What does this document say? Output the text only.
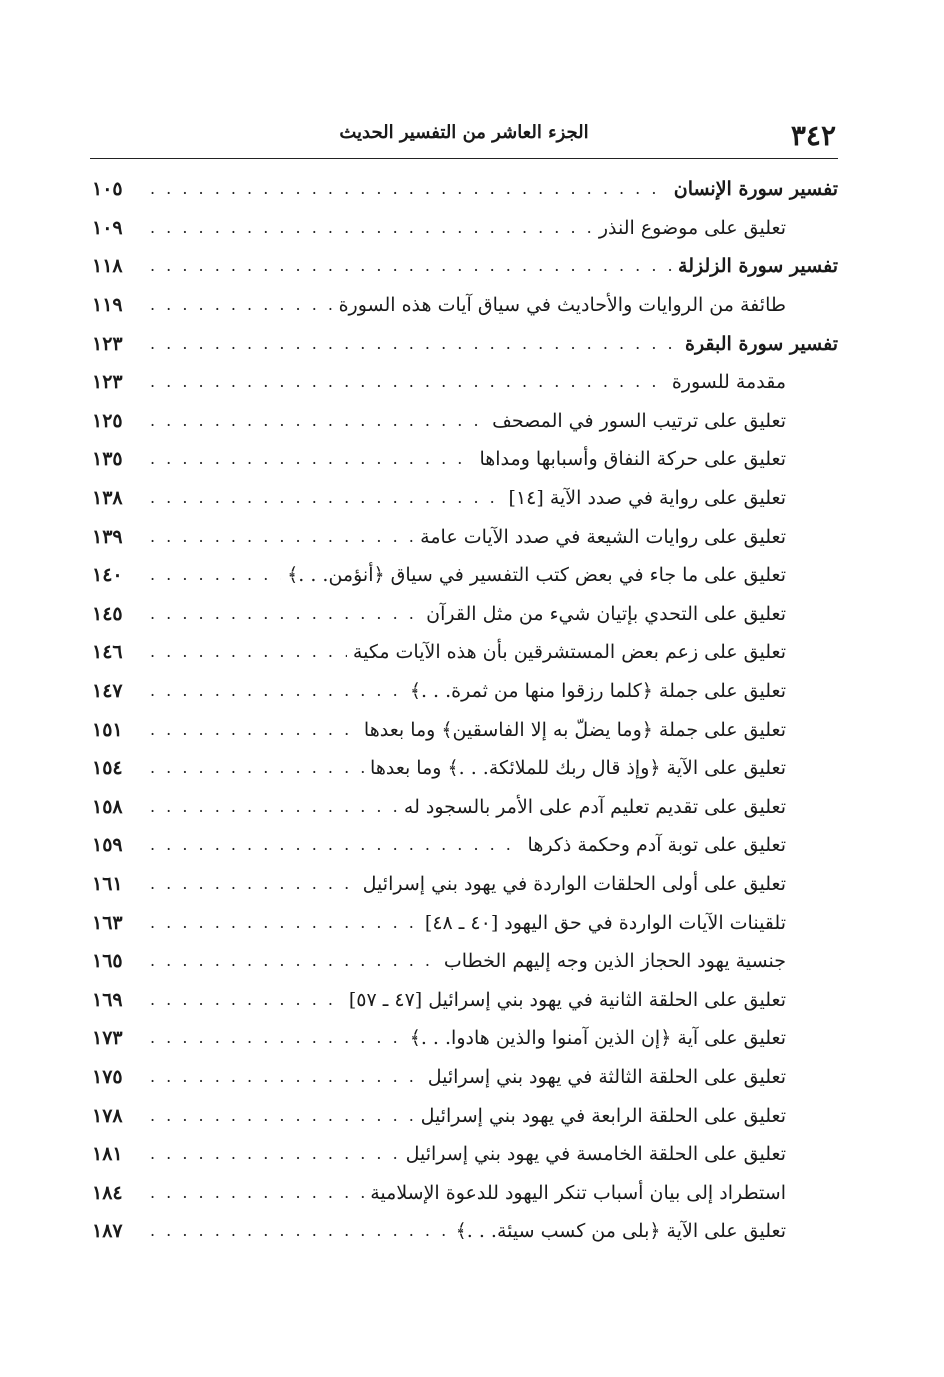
٣٤٢
الجزء العاشر من التفسير الحديث
تفسير سورة الإنسان
. . .
١٠٥
تعليق على موضوع النذر
. . .
١٠٩
تفسير سورة الزلزلة
. . .
١١٨
طائفة من الروايات والأحاديث في سياق آيات هذه السورة
. . .
١١٩
تفسير سورة البقرة
. . .
١٢٣
مقدمة للسورة
. . .
١٢٣
تعليق على ترتيب السور في المصحف
. . .
١٢٥
تعليق على حركة النفاق وأسبابها ومداها
. . .
١٣٥
تعليق على رواية في صدد الآية [١٤]
. . .
١٣٨
تعليق على روايات الشيعة في صدد الآيات عامة
. . .
١٣٩
تعليق على ما جاء في بعض كتب التفسير في سياق ﴿أنؤمن. . .﴾
. . .
١٤٠
تعليق على التحدي بإتيان شيء من مثل القرآن
. . .
١٤٥
تعليق على زعم بعض المستشرقين بأن هذه الآيات مكية
. . .
١٤٦
تعليق على جملة ﴿كلما رزقوا منها من ثمرة. . .﴾
. . .
١٤٧
تعليق على جملة ﴿وما يضلّ به إلا الفاسقين﴾ وما بعدها
. . .
١٥١
تعليق على الآية ﴿وإذ قال ربك للملائكة. . .﴾ وما بعدها
. . .
١٥٤
تعليق على تقديم تعليم آدم على الأمر بالسجود له
. . .
١٥٨
تعليق على توبة آدم وحكمة ذكرها
. . .
١٥٩
تعليق على أولى الحلقات الواردة في يهود بني إسرائيل
. . .
١٦١
تلقينات الآيات الواردة في حق اليهود [٤٠ ـ ٤٨]
. . .
١٦٣
جنسية يهود الحجاز الذين وجه إليهم الخطاب
. . .
١٦٥
تعليق على الحلقة الثانية في يهود بني إسرائيل [٤٧ ـ ٥٧]
. . .
١٦٩
تعليق على آية ﴿إن الذين آمنوا والذين هادوا. . .﴾
. . .
١٧٣
تعليق على الحلقة الثالثة في يهود بني إسرائيل
. . .
١٧٥
تعليق على الحلقة الرابعة في يهود بني إسرائيل
. . .
١٧٨
تعليق على الحلقة الخامسة في يهود بني إسرائيل
. . .
١٨١
استطراد إلى بيان أسباب تنكر اليهود للدعوة الإسلامية
. . .
١٨٤
تعليق على الآية ﴿بلى من كسب سيئة. . .﴾
. . .
١٨٧
